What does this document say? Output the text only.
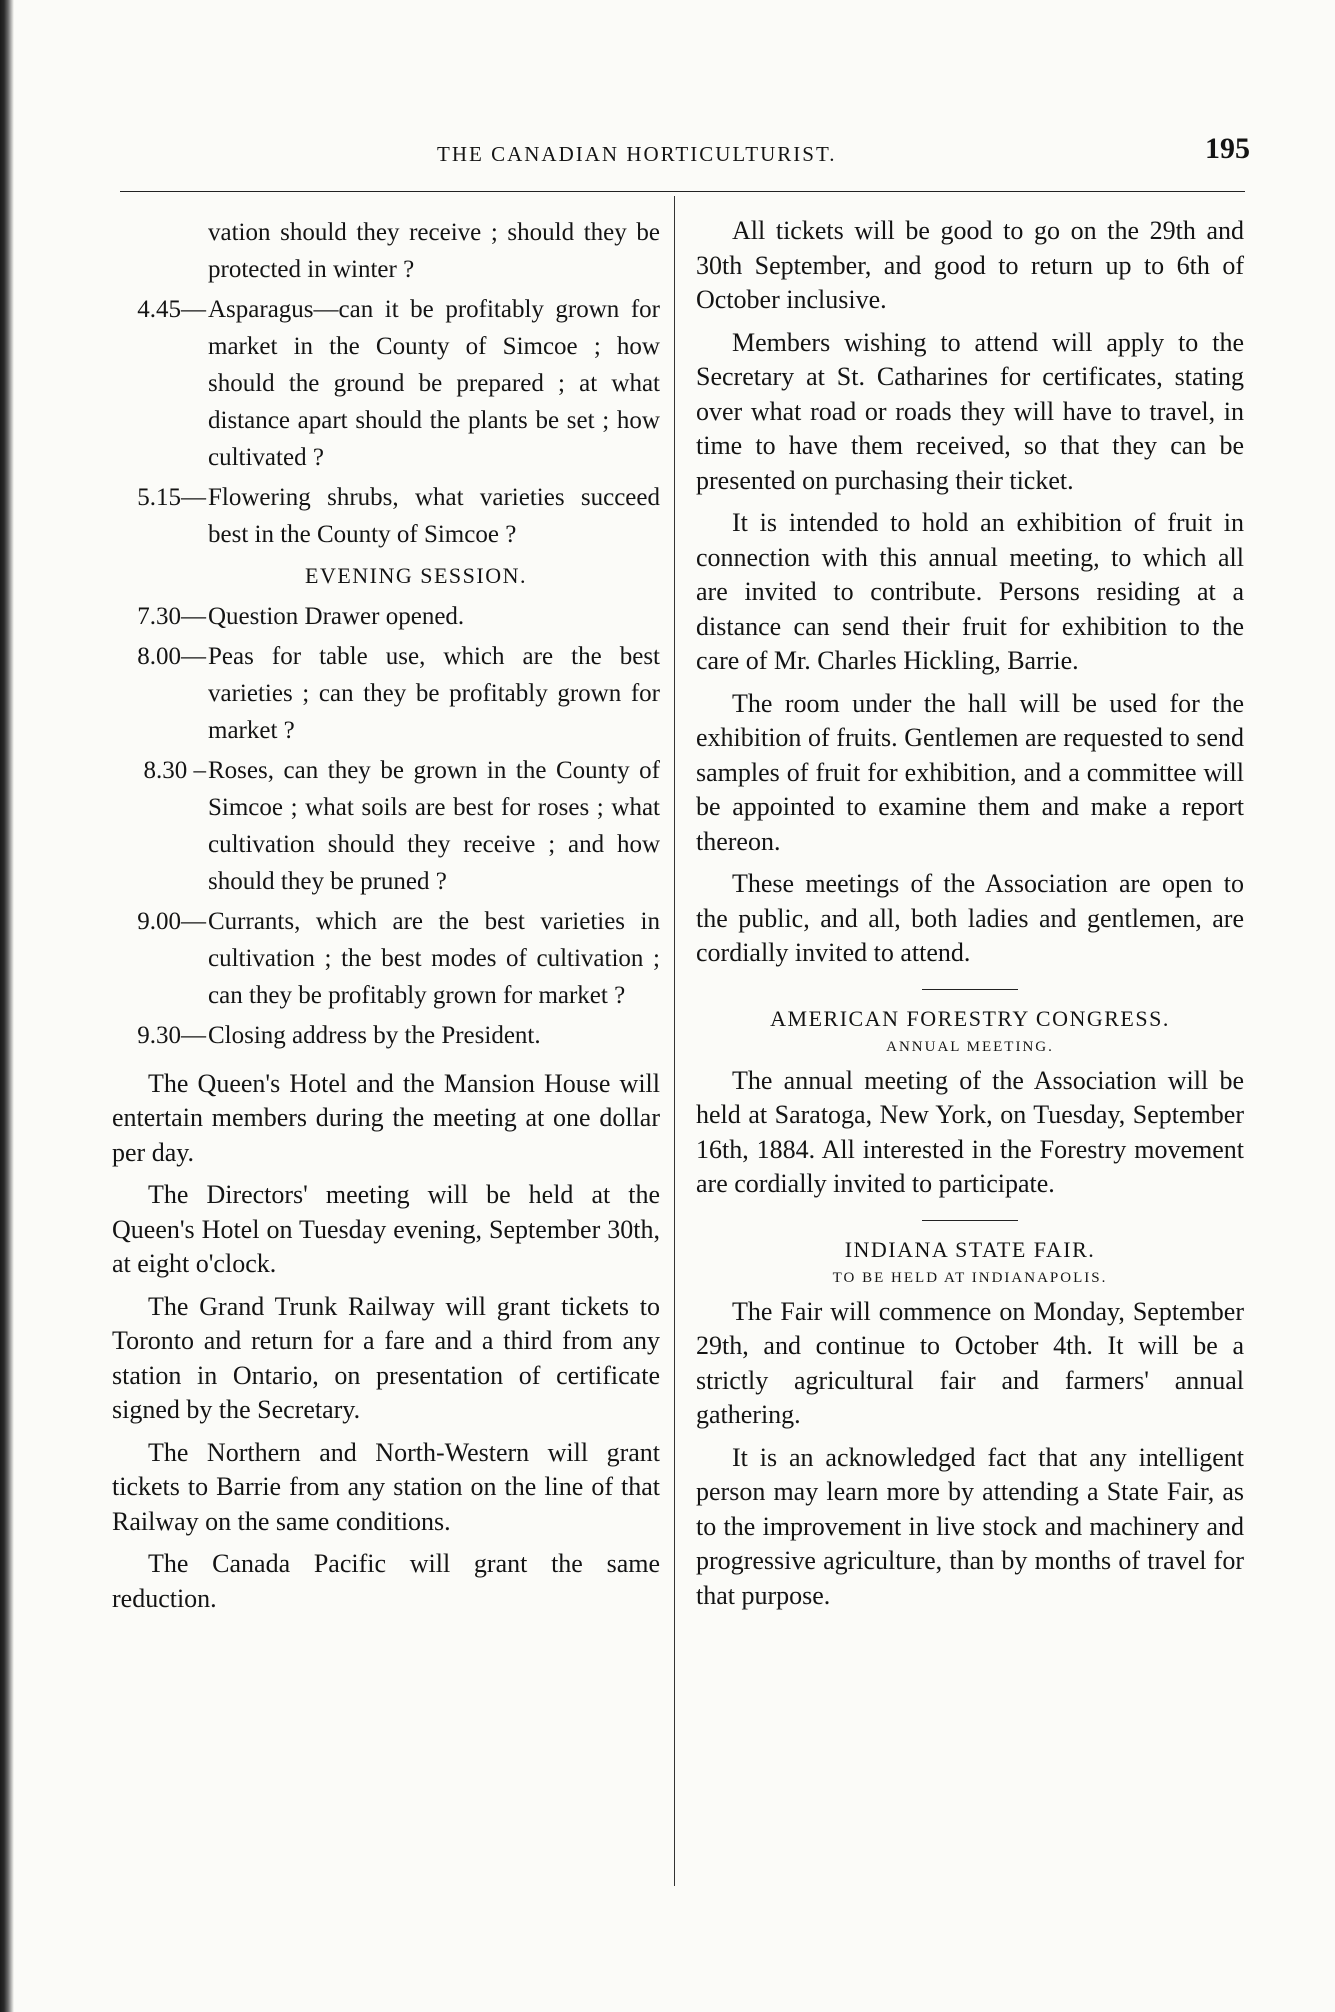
THE CANADIAN HORTICULTURIST.	195
vation should they receive ; should they be protected in winter ?
4.45— Asparagus—can it be profitably grown for market in the County of Simcoe ; how should the ground be prepared ; at what distance apart should the plants be set ; how cultivated ?
5.15— Flowering shrubs, what varieties succeed best in the County of Simcoe ?
EVENING SESSION.
7.30— Question Drawer opened.
8.00— Peas for table use, which are the best varieties ; can they be profitably grown for market ?
8.30 – Roses, can they be grown in the County of Simcoe ; what soils are best for roses ; what cultivation should they receive ; and how should they be pruned ?
9.00— Currants, which are the best varieties in cultivation ; the best modes of cultivation ; can they be profitably grown for market ?
9.30— Closing address by the President.

The Queen's Hotel and the Mansion House will entertain members during the meeting at one dollar per day.

The Directors' meeting will be held at the Queen's Hotel on Tuesday evening, September 30th, at eight o'clock.

The Grand Trunk Railway will grant tickets to Toronto and return for a fare and a third from any station in Ontario, on presentation of certificate signed by the Secretary.

The Northern and North-Western will grant tickets to Barrie from any station on the line of that Railway on the same conditions.

The Canada Pacific will grant the same reduction.

All tickets will be good to go on the 29th and 30th September, and good to return up to 6th of October inclusive.

Members wishing to attend will apply to the Secretary at St. Catharines for certificates, stating over what road or roads they will have to travel, in time to have them received, so that they can be presented on purchasing their ticket.

It is intended to hold an exhibition of fruit in connection with this annual meeting, to which all are invited to contribute. Persons residing at a distance can send their fruit for exhibition to the care of Mr. Charles Hickling, Barrie.

The room under the hall will be used for the exhibition of fruits. Gentlemen are requested to send samples of fruit for exhibition, and a committee will be appointed to examine them and make a report thereon.

These meetings of the Association are open to the public, and all, both ladies and gentlemen, are cordially invited to attend.

AMERICAN FORESTRY CONGRESS.
ANNUAL MEETING.

The annual meeting of the Association will be held at Saratoga, New York, on Tuesday, September 16th, 1884. All interested in the Forestry movement are cordially invited to participate.

INDIANA STATE FAIR.
TO BE HELD AT INDIANAPOLIS.

The Fair will commence on Monday, September 29th, and continue to October 4th. It will be a strictly agricultural fair and farmers' annual gathering.

It is an acknowledged fact that any intelligent person may learn more by attending a State Fair, as to the improvement in live stock and machinery and progressive agriculture, than by months of travel for that purpose.
